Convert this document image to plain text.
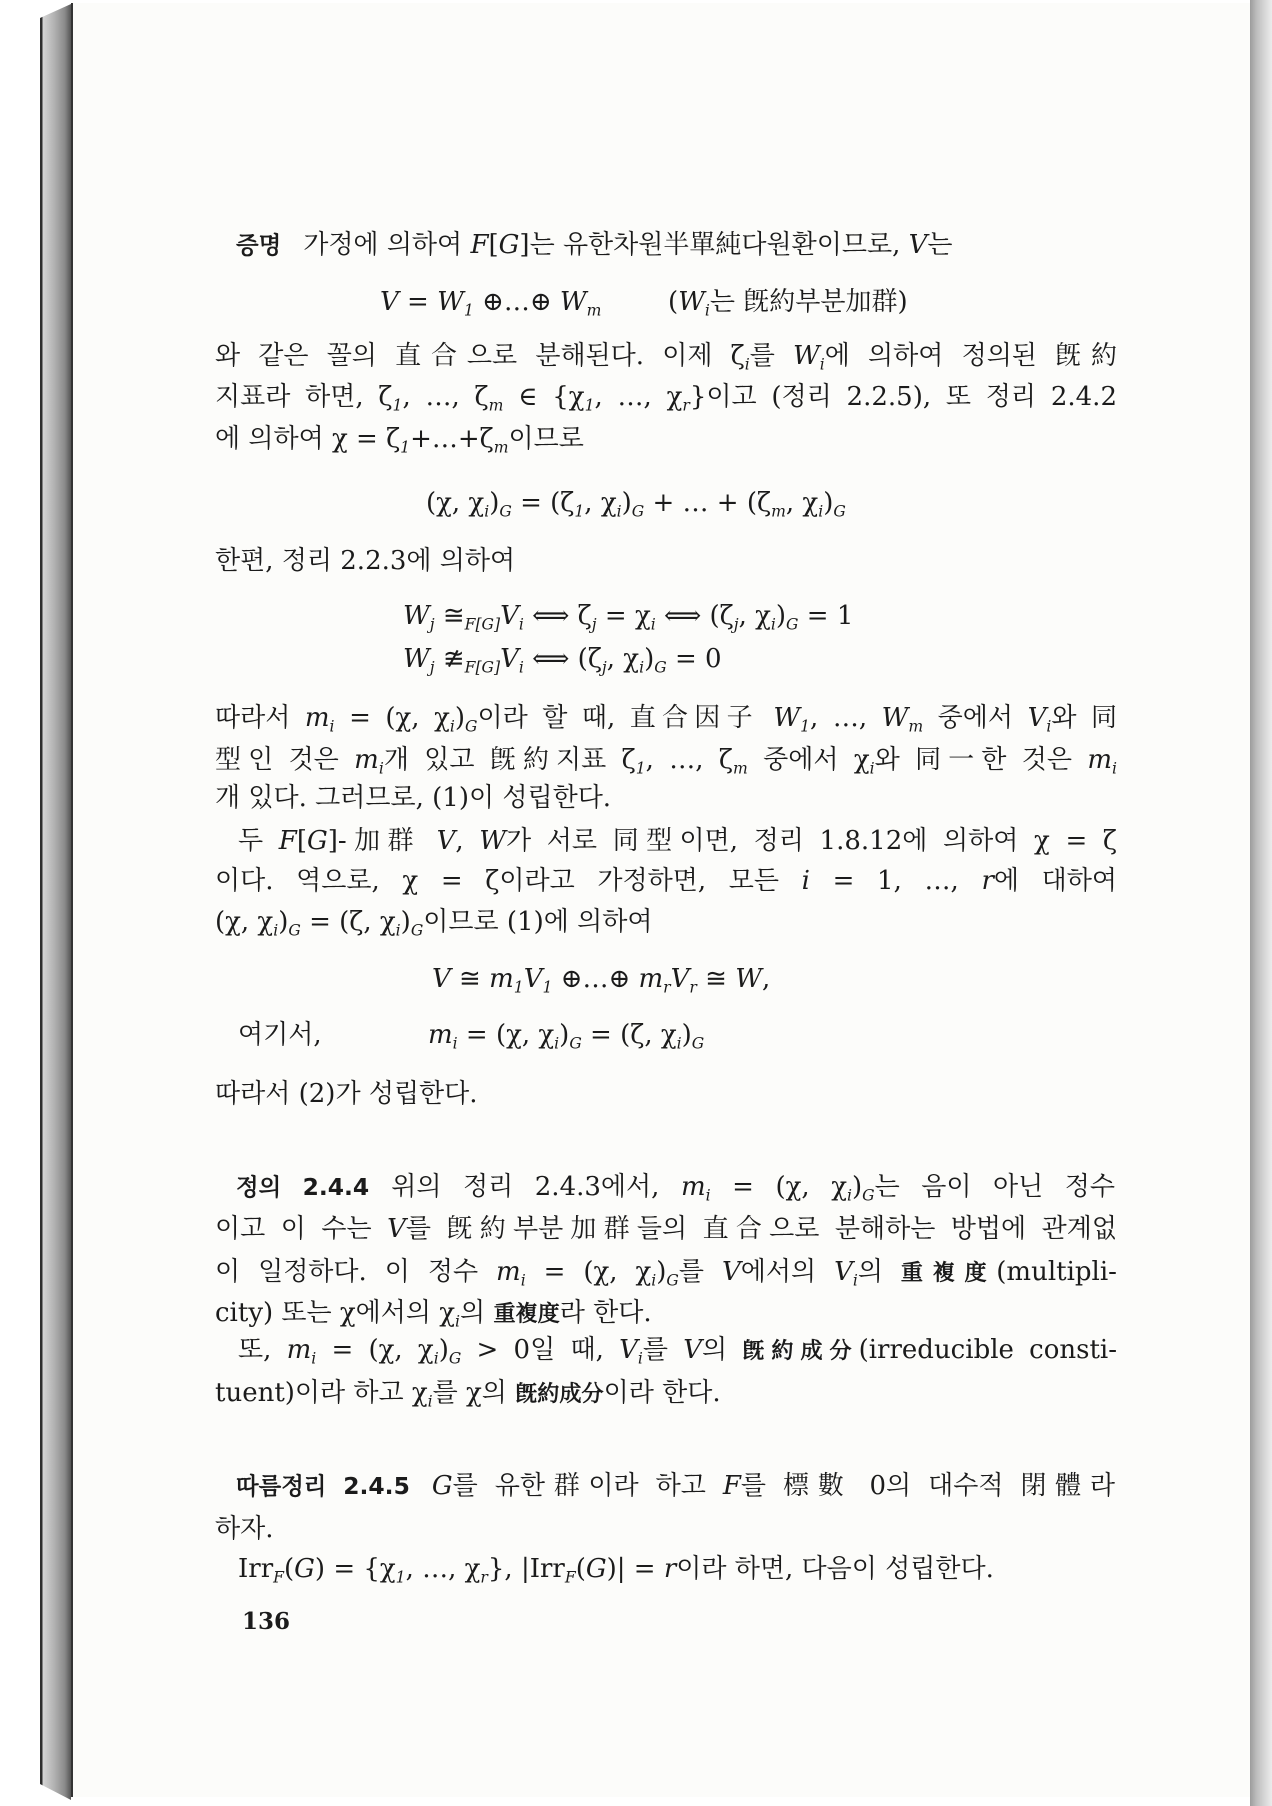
증명 가정에 의하여 F[G]는 유한차원半單純다원환이므로, V는
$V = W_1$ ⊕…⊕ $W_m$	($W_i$는 旣約부분加群)
와 같은 꼴의 直合으로 분해된다. 이제 $\zeta_i$를 $W_i$에 의하여 정의된 旣約
지표라 하면, $\zeta_1$, …, $\zeta_m$ ∈ {$\chi_1$, …, $\chi_r$}이고 (정리 2.2.5), 또 정리 2.4.2
에 의하여 $\chi = \zeta_1+\dots+\zeta_m$이므로
(χ, $\chi_i)_G = (\zeta_1$, $\chi_i)_G$ + … + ($\zeta_m$, $\chi_i)_G$
한편, 정리 2.2.3에 의하여
$W_j$ $≅_{F[G]}V_i$ ⟺ $\zeta_j = \chi_i$ ⟺ ($\zeta_j$, $\chi_i)_G = 1$
$W_j$ $≇_{F[G]}V_i$ ⟺ ($\zeta_j$, $\chi_i)_G = 0$
따라서 $m_i = (\chi$, $\chi_i)_G$이라 할 때, 直合因子 $W_1$, …, $W_m$ 중에서 $V_i$와 同
型인 것은 $m_i$개 있고 旣約지표 $\zeta_1$, …, $\zeta_m$ 중에서 $\chi_i$와 同一한 것은 $m_i$
개 있다. 그러므로, (1)이 성립한다.
두 F[G]-加群 V, W가 서로 同型이면, 정리 1.8.12에 의하여 χ = ζ
이다. 역으로, χ = ζ이라고 가정하면, 모든 i = 1, …, r에 대하여
(χ, $\chi_i)_G = (\zeta$, $\chi_i)_G$이므로 (1)에 의하여
V ≅ $m_1V_1$ ⊕…⊕ $m_rV_r$ ≅ W,
여기서,	$m_i = (\chi$, $\chi_i)_G = (\zeta$, $\chi_i)_G$
따라서 (2)가 성립한다.
정의 2.4.4 위의 정리 2.4.3에서, $m_i = (\chi$, $\chi_i)_G$는 음이 아닌 정수
이고 이 수는 V를 旣約부분加群들의 直合으로 분해하는 방법에 관계없
이 일정하다. 이 정수 $m_i = (\chi$, $\chi_i)_G$를 V에서의 $V_i$의 重複度(multipli-
city) 또는 χ에서의 $\chi_i$의 重複度라 한다.
또, $m_i = (\chi$, $\chi_i)_G > 0$일 때, $V_i$를 V의 旣約成分(irreducible consti-
tuent)이라 하고 $\chi_i$를 χ의 旣約成分이라 한다.
따름정리 2.4.5 G를 유한群이라 하고 F를 標數 0의 대수적 閉體라
하자.
$Irr_F(G) = \{\chi_1$, …, $\chi_r$}, |Irr$_F$(G)| = r이라 하면, 다음이 성립한다.
136
